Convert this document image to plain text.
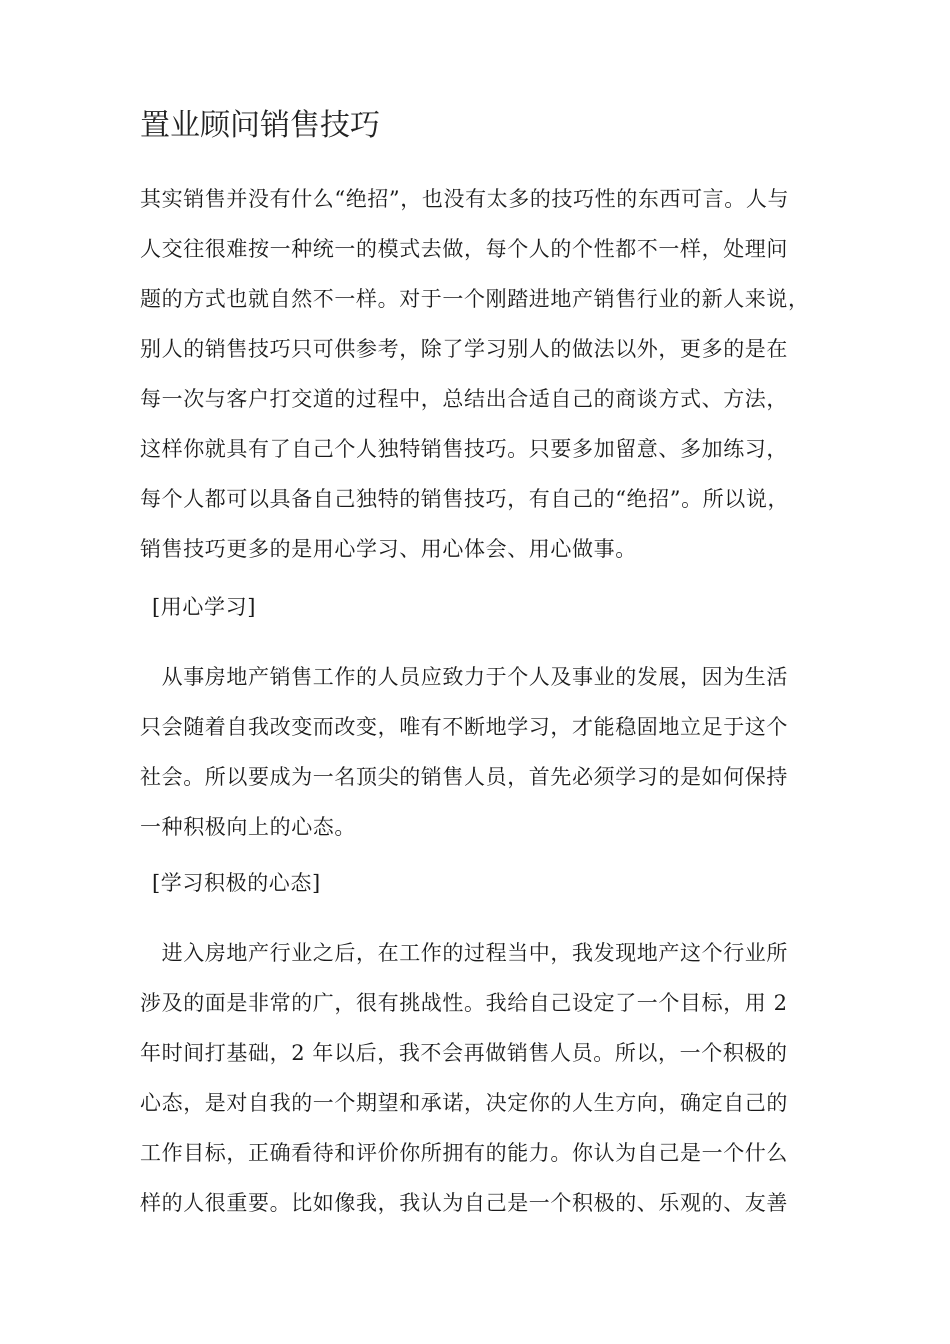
置业顾问销售技巧
其实销售并没有什么“绝招”，也没有太多的技巧性的东西可言。人与
人交往很难按一种统一的模式去做，每个人的个性都不一样，处理问
题的方式也就自然不一样。对于一个刚踏进地产销售行业的新人来说，
别人的销售技巧只可供参考，除了学习别人的做法以外，更多的是在
每一次与客户打交道的过程中，总结出合适自己的商谈方式、方法，
这样你就具有了自己个人独特销售技巧。只要多加留意、多加练习，
每个人都可以具备自己独特的销售技巧，有自己的“绝招”。所以说，
销售技巧更多的是用心学习、用心体会、用心做事。
[用心学习]
　从事房地产销售工作的人员应致力于个人及事业的发展，因为生活
只会随着自我改变而改变，唯有不断地学习，才能稳固地立足于这个
社会。所以要成为一名顶尖的销售人员，首先必须学习的是如何保持
一种积极向上的心态。
[学习积极的心态]
　进入房地产行业之后，在工作的过程当中，我发现地产这个行业所
涉及的面是非常的广，很有挑战性。我给自己设定了一个目标，用 2
年时间打基础，2 年以后，我不会再做销售人员。所以，一个积极的
心态，是对自我的一个期望和承诺，决定你的人生方向，确定自己的
工作目标，正确看待和评价你所拥有的能力。你认为自己是一个什么
样的人很重要。比如像我，我认为自己是一个积极的、乐观的、友善
